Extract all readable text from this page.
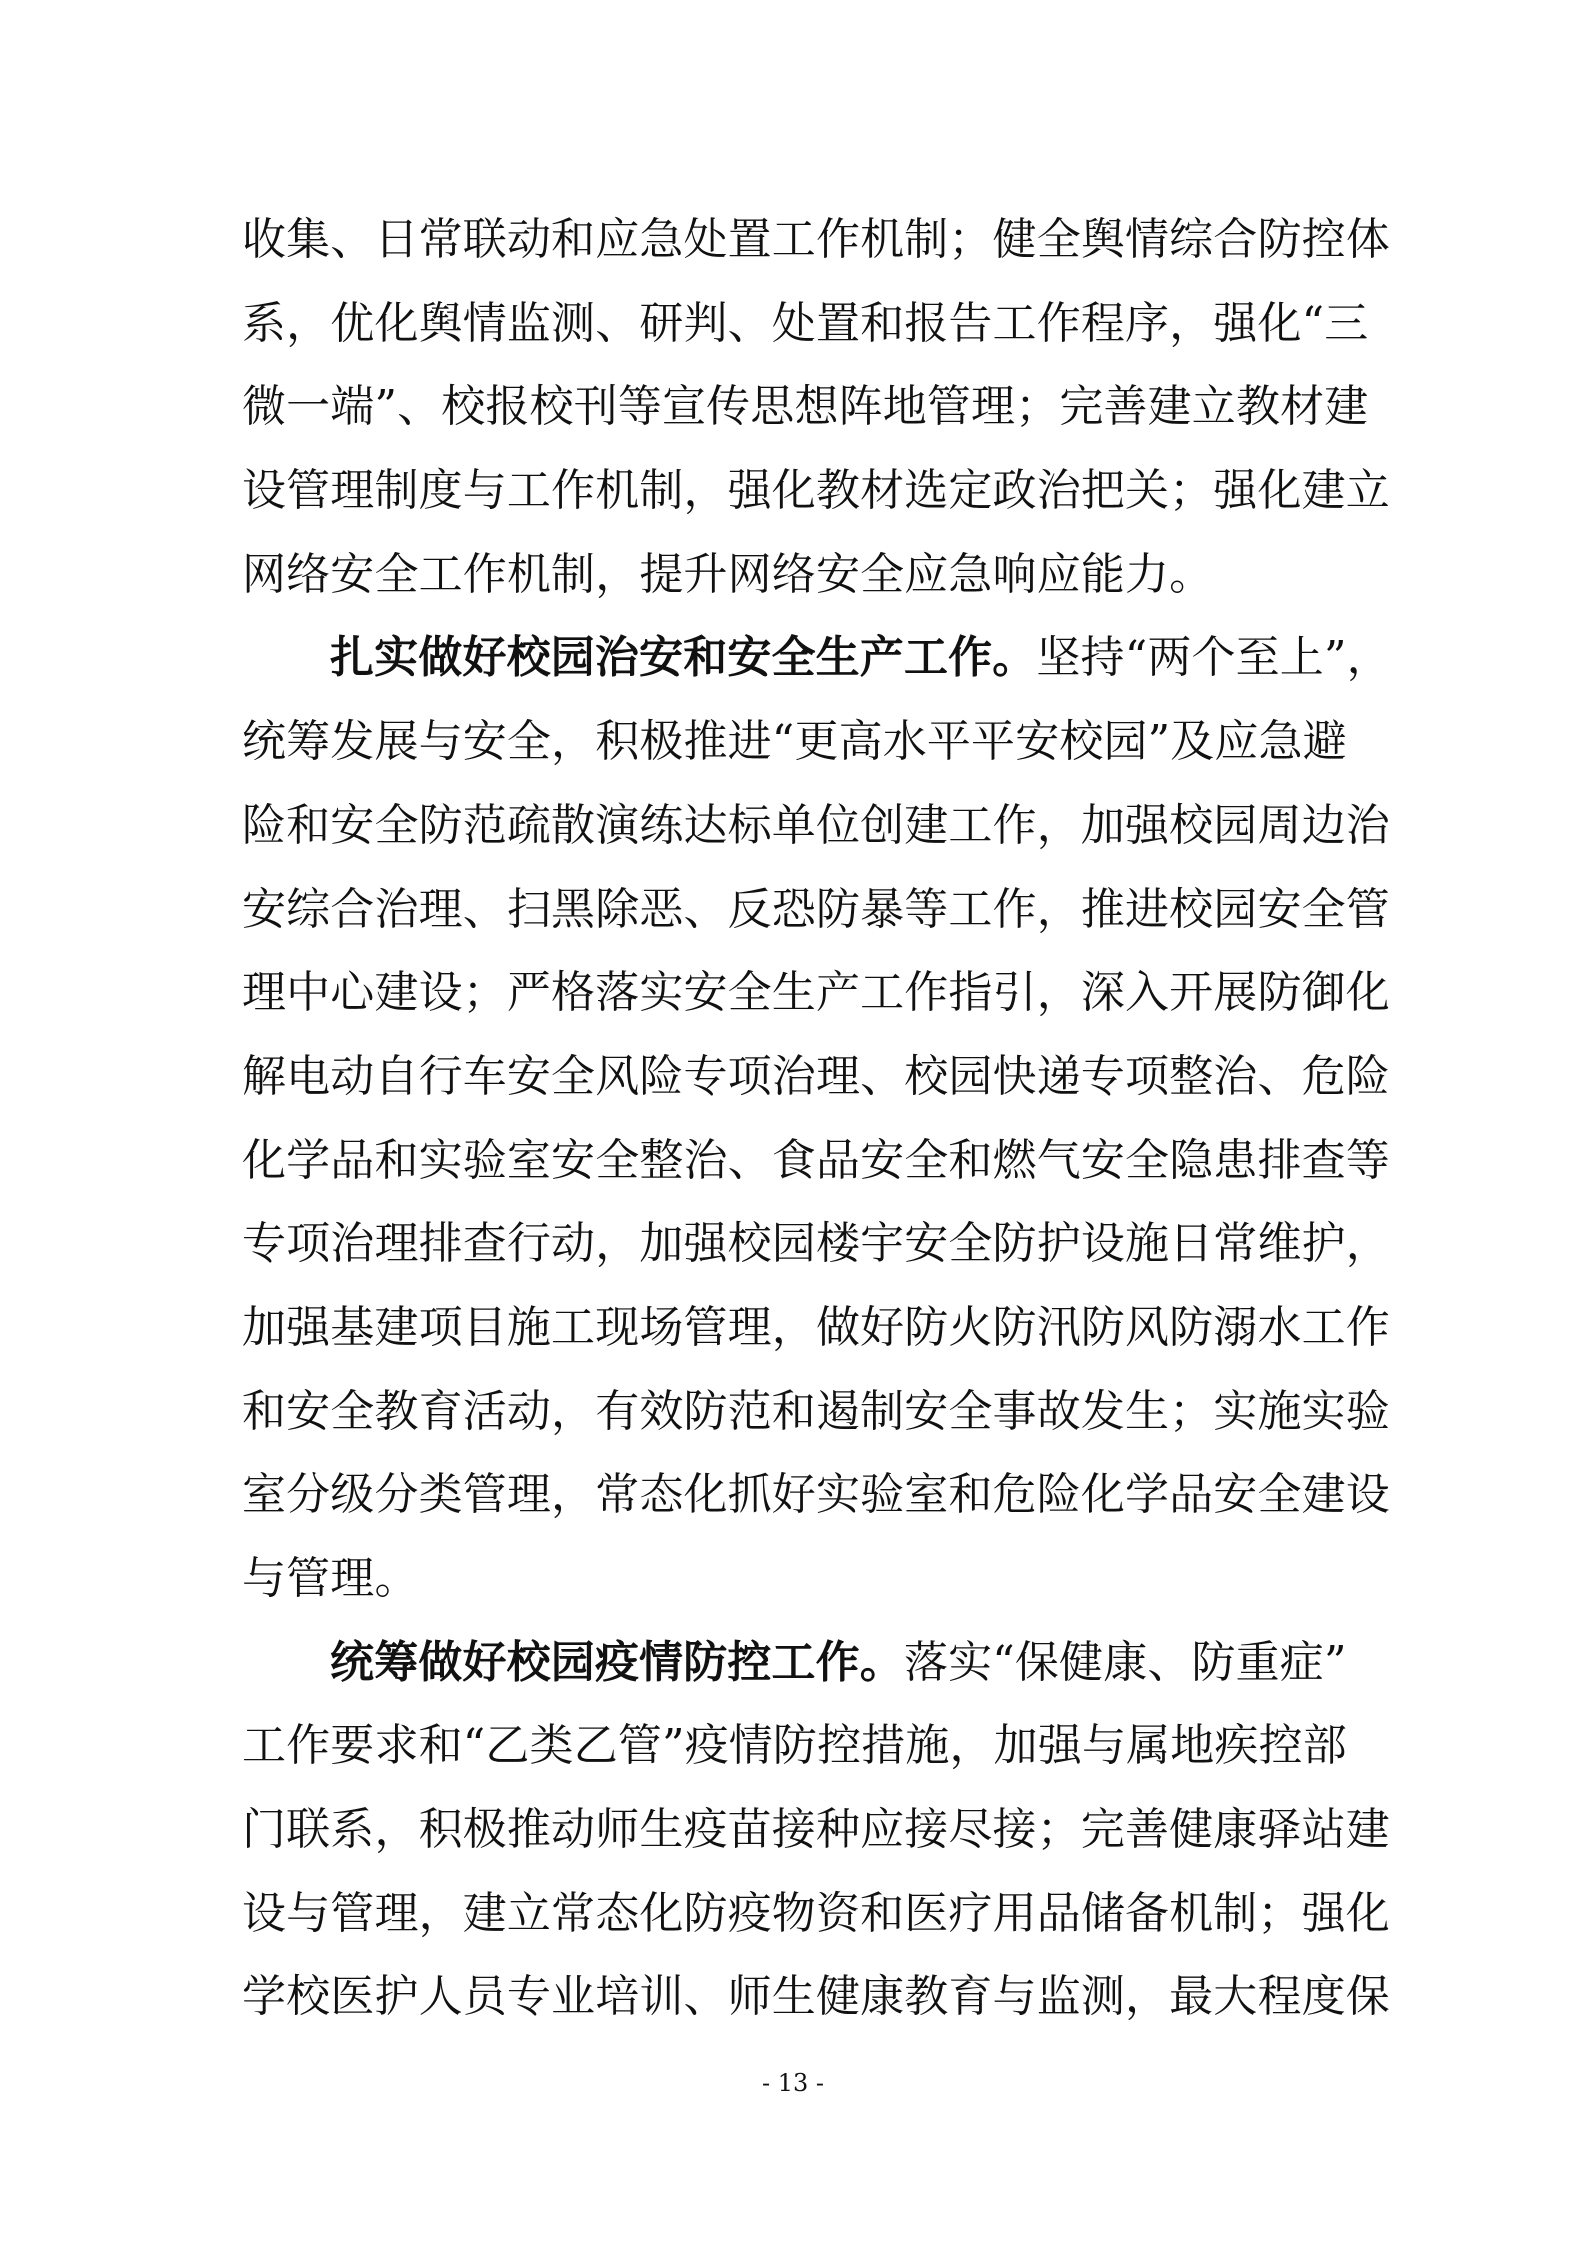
收集、日常联动和应急处置工作机制；健全舆情综合防控体
系，优化舆情监测、研判、处置和报告工作程序，强化“三
微一端”、校报校刊等宣传思想阵地管理；完善建立教材建
设管理制度与工作机制，强化教材选定政治把关；强化建立
网络安全工作机制，提升网络安全应急响应能力。
扎实做好校园治安和安全生产工作。坚持“两个至上”，
统筹发展与安全，积极推进“更高水平平安校园”及应急避
险和安全防范疏散演练达标单位创建工作，加强校园周边治
安综合治理、扫黑除恶、反恐防暴等工作，推进校园安全管
理中心建设；严格落实安全生产工作指引，深入开展防御化
解电动自行车安全风险专项治理、校园快递专项整治、危险
化学品和实验室安全整治、食品安全和燃气安全隐患排查等
专项治理排查行动，加强校园楼宇安全防护设施日常维护，
加强基建项目施工现场管理，做好防火防汛防风防溺水工作
和安全教育活动，有效防范和遏制安全事故发生；实施实验
室分级分类管理，常态化抓好实验室和危险化学品安全建设
与管理。
统筹做好校园疫情防控工作。落实“保健康、防重症”
工作要求和“乙类乙管”疫情防控措施，加强与属地疾控部
门联系，积极推动师生疫苗接种应接尽接；完善健康驿站建
设与管理，建立常态化防疫物资和医疗用品储备机制；强化
学校医护人员专业培训、师生健康教育与监测，最大程度保
- 13 -
